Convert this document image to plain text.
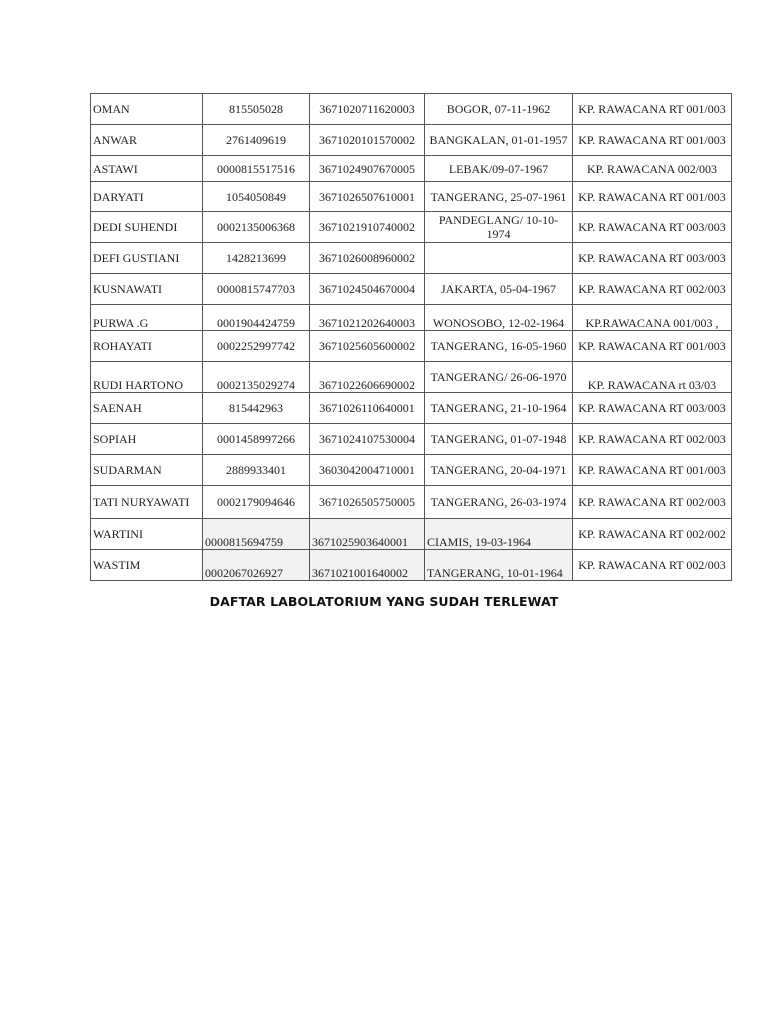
OMAN	815505028	3671020711620003	BOGOR, 07-11-1962	KP. RAWACANA RT 001/003
ANWAR	2761409619	3671020101570002	BANGKALAN, 01-01-1957	KP. RAWACANA RT 001/003
ASTAWI	0000815517516	3671024907670005	LEBAK/09-07-1967	KP. RAWACANA 002/003
DARYATI	1054050849	3671026507610001	TANGERANG, 25-07-1961	KP. RAWACANA RT 001/003
DEDI SUHENDI	0002135006368	3671021910740002	PANDEGLANG/ 10-10-1974	KP. RAWACANA RT 003/003
DEFI GUSTIANI	1428213699	3671026008960002		KP. RAWACANA RT 003/003
KUSNAWATI	0000815747703	3671024504670004	JAKARTA, 05-04-1967	KP. RAWACANA RT 002/003
PURWA .G	0001904424759	3671021202640003	WONOSOBO, 12-02-1964	KP.RAWACANA 001/003 ,
ROHAYATI	0002252997742	3671025605600002	TANGERANG, 16-05-1960	KP. RAWACANA RT 001/003
RUDI HARTONO	0002135029274	3671022606690002	TANGERANG/ 26-06-1970	KP. RAWACANA rt 03/03
SAENAH	815442963	3671026110640001	TANGERANG, 21-10-1964	KP. RAWACANA RT 003/003
SOPIAH	0001458997266	3671024107530004	TANGERANG, 01-07-1948	KP. RAWACANA RT 002/003
SUDARMAN	2889933401	3603042004710001	TANGERANG, 20-04-1971	KP. RAWACANA RT 001/003
TATI NURYAWATI	0002179094646	3671026505750005	TANGERANG, 26-03-1974	KP. RAWACANA RT 002/003
WARTINI	0000815694759	3671025903640001	CIAMIS, 19-03-1964	KP. RAWACANA RT 002/002
WASTIM	0002067026927	3671021001640002	TANGERANG, 10-01-1964	KP. RAWACANA RT 002/003
DAFTAR LABOLATORIUM YANG SUDAH TERLEWAT
